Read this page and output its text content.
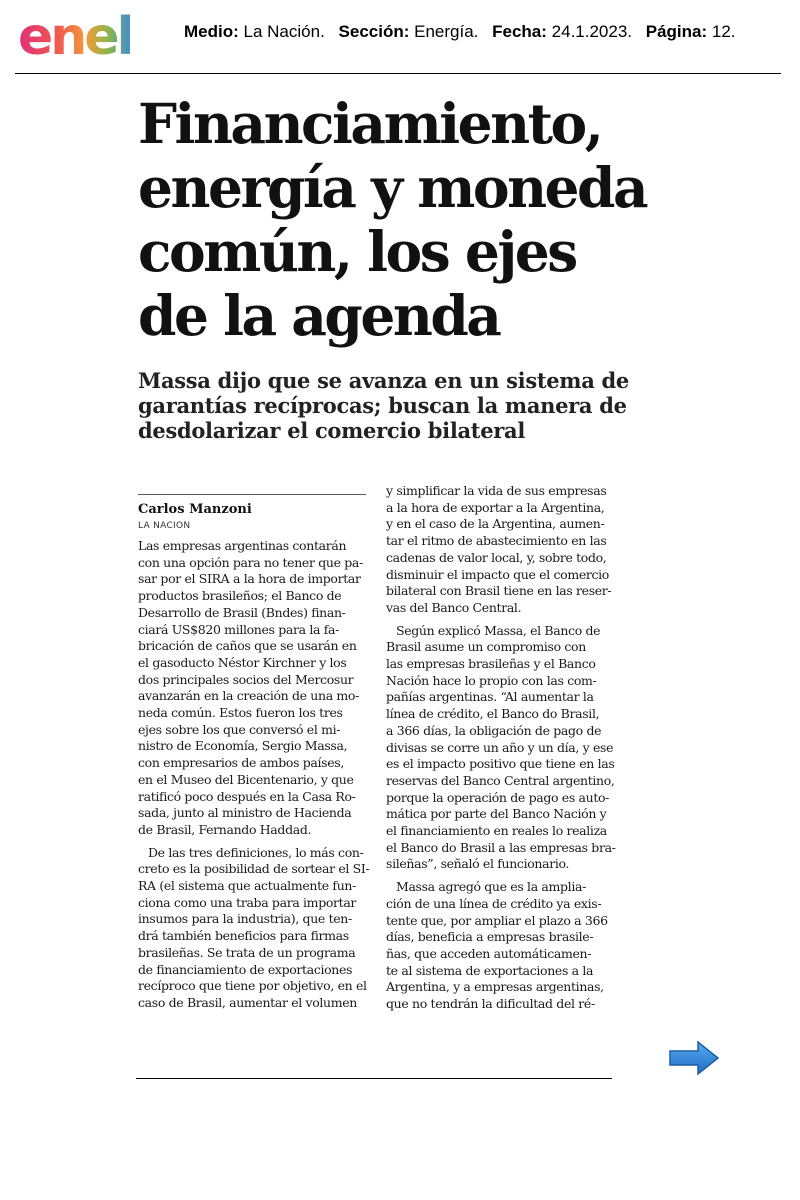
enel	Medio: La Nación. Sección: Energía. Fecha: 24.1.2023. Página: 12.
Financiamiento,
energía y moneda
común, los ejes
de la agenda
Massa dijo que se avanza en un sistema de
garantías recíprocas; buscan la manera de
desdolarizar el comercio bilateral
Carlos Manzoni
LA NACION

Las empresas argentinas contarán
con una opción para no tener que pa-
sar por el SIRA a la hora de importar
productos brasileños; el Banco de
Desarrollo de Brasil (Bndes) finan-
ciará US$820 millones para la fa-
bricación de caños que se usarán en
el gasoducto Néstor Kirchner y los
dos principales socios del Mercosur
avanzarán en la creación de una mo-
neda común. Estos fueron los tres
ejes sobre los que conversó el mi-
nistro de Economía, Sergio Massa,
con empresarios de ambos países,
en el Museo del Bicentenario, y que
ratificó poco después en la Casa Ro-
sada, junto al ministro de Hacienda
de Brasil, Fernando Haddad.

De las tres definiciones, lo más con-
creto es la posibilidad de sortear el SI-
RA (el sistema que actualmente fun-
ciona como una traba para importar
insumos para la industria), que ten-
drá también beneficios para firmas
brasileñas. Se trata de un programa
de financiamiento de exportaciones
recíproco que tiene por objetivo, en el
caso de Brasil, aumentar el volumen

y simplificar la vida de sus empresas
a la hora de exportar a la Argentina,
y en el caso de la Argentina, aumen-
tar el ritmo de abastecimiento en las
cadenas de valor local, y, sobre todo,
disminuir el impacto que el comercio
bilateral con Brasil tiene en las reser-
vas del Banco Central.

Según explicó Massa, el Banco de
Brasil asume un compromiso con
las empresas brasileñas y el Banco
Nación hace lo propio con las com-
pañías argentinas. “Al aumentar la
línea de crédito, el Banco do Brasil,
a 366 días, la obligación de pago de
divisas se corre un año y un día, y ese
es el impacto positivo que tiene en las
reservas del Banco Central argentino,
porque la operación de pago es auto-
mática por parte del Banco Nación y
el financiamiento en reales lo realiza
el Banco do Brasil a las empresas bra-
sileñas”, señaló el funcionario.

Massa agregó que es la amplia-
ción de una línea de crédito ya exis-
tente que, por ampliar el plazo a 366
días, beneficia a empresas brasile-
ñas, que acceden automáticamen-
te al sistema de exportaciones a la
Argentina, y a empresas argentinas,
que no tendrán la dificultad del ré-
